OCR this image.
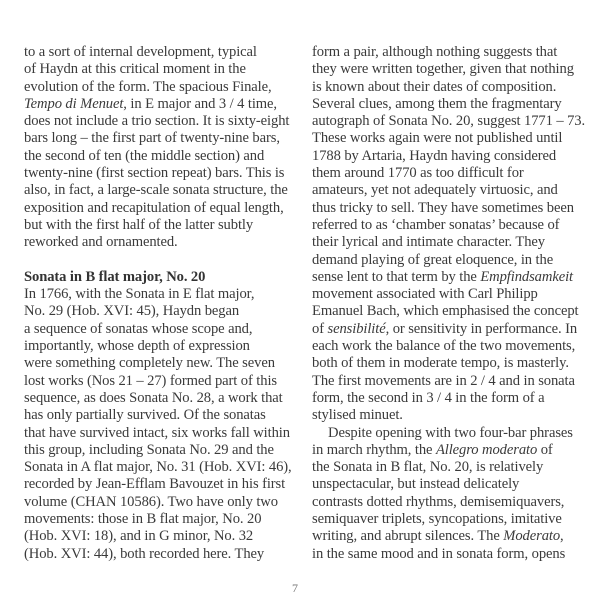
to a sort of internal development, typical
of Haydn at this critical moment in the
evolution of the form. The spacious Finale,
Tempo di Menuet, in E major and 3 / 4 time,
does not include a trio section. It is sixty-eight
bars long – the first part of twenty-nine bars,
the second of ten (the middle section) and
twenty-nine (first section repeat) bars. This is
also, in fact, a large-scale sonata structure, the
exposition and recapitulation of equal length,
but with the first half of the latter subtly
reworked and ornamented.
Sonata in B flat major, No. 20
In 1766, with the Sonata in E flat major,
No. 29 (Hob. XVI: 45), Haydn began
a sequence of sonatas whose scope and,
importantly, whose depth of expression
were something completely new. The seven
lost works (Nos 21 – 27) formed part of this
sequence, as does Sonata No. 28, a work that
has only partially survived. Of the sonatas
that have survived intact, six works fall within
this group, including Sonata No. 29 and the
Sonata in A flat major, No. 31 (Hob. XVI: 46),
recorded by Jean-Efflam Bavouzet in his first
volume (CHAN 10586). Two have only two
movements: those in B flat major, No. 20
(Hob. XVI: 18), and in G minor, No. 32
(Hob. XVI: 44), both recorded here. They
form a pair, although nothing suggests that
they were written together, given that nothing
is known about their dates of composition.
Several clues, among them the fragmentary
autograph of Sonata No. 20, suggest 1771 – 73.
These works again were not published until
1788 by Artaria, Haydn having considered
them around 1770 as too difficult for
amateurs, yet not adequately virtuosic, and
thus tricky to sell. They have sometimes been
referred to as ‘chamber sonatas’ because of
their lyrical and intimate character. They
demand playing of great eloquence, in the
sense lent to that term by the Empfindsamkeit
movement associated with Carl Philipp
Emanuel Bach, which emphasised the concept
of sensibilité, or sensitivity in performance. In
each work the balance of the two movements,
both of them in moderate tempo, is masterly.
The first movements are in 2 / 4 and in sonata
form, the second in 3 / 4 in the form of a
stylised minuet.
Despite opening with two four-bar phrases
in march rhythm, the Allegro moderato of
the Sonata in B flat, No. 20, is relatively
unspectacular, but instead delicately
contrasts dotted rhythms, demisemiquavers,
semiquaver triplets, syncopations, imitative
writing, and abrupt silences. The Moderato,
in the same mood and in sonata form, opens
7
